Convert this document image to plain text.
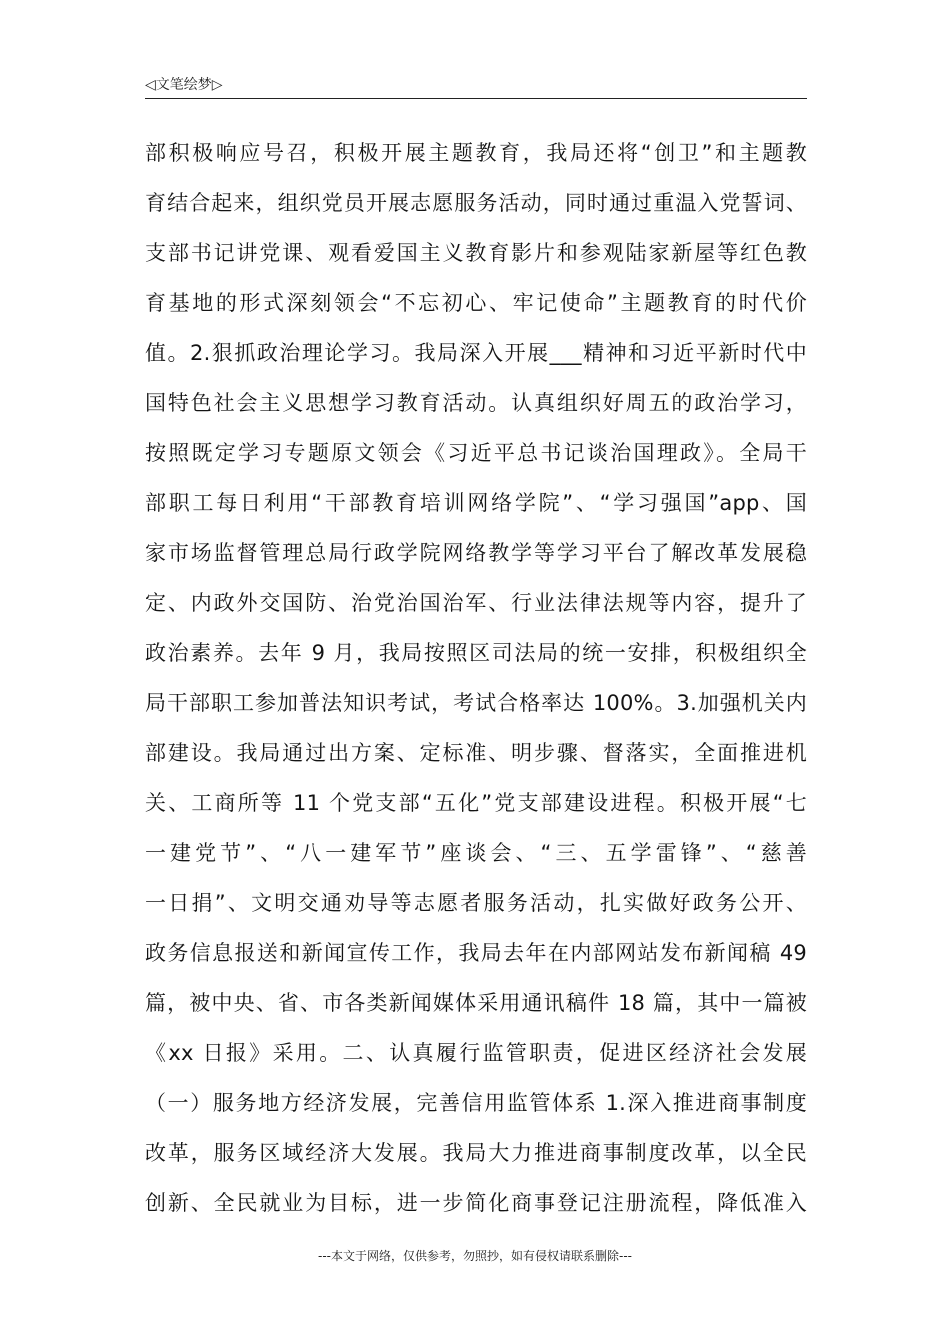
◁文笔绘梦▷
部积极响应号召，积极开展主题教育，我局还将“创卫”和主题教
育结合起来，组织党员开展志愿服务活动，同时通过重温入党誓词、
支部书记讲党课、观看爱国主义教育影片和参观陆家新屋等红色教
育基地的形式深刻领会“不忘初心、牢记使命”主题教育的时代价
值。2.狠抓政治理论学习。我局深入开展___精神和习近平新时代中
国特色社会主义思想学习教育活动。认真组织好周五的政治学习，
按照既定学习专题原文领会《习近平总书记谈治国理政》。全局干
部职工每日利用“干部教育培训网络学院”、“学习强国”app、国
家市场监督管理总局行政学院网络教学等学习平台了解改革发展稳
定、内政外交国防、治党治国治军、行业法律法规等内容，提升了
政治素养。去年 9 月，我局按照区司法局的统一安排，积极组织全
局干部职工参加普法知识考试，考试合格率达 100%。3.加强机关内
部建设。我局通过出方案、定标准、明步骤、督落实，全面推进机
关、工商所等 11 个党支部“五化”党支部建设进程。积极开展“七
一建党节”、“八一建军节”座谈会、“三、五学雷锋”、“慈善
一日捐”、文明交通劝导等志愿者服务活动，扎实做好政务公开、
政务信息报送和新闻宣传工作，我局去年在内部网站发布新闻稿 49
篇，被中央、省、市各类新闻媒体采用通讯稿件 18 篇，其中一篇被
《xx 日报》采用。二、认真履行监管职责，促进区经济社会发展
（一）服务地方经济发展，完善信用监管体系 1.深入推进商事制度
改革，服务区域经济大发展。我局大力推进商事制度改革，以全民
创新、全民就业为目标，进一步简化商事登记注册流程，降低准入
---本文于网络，仅供参考，勿照抄，如有侵权请联系删除---
